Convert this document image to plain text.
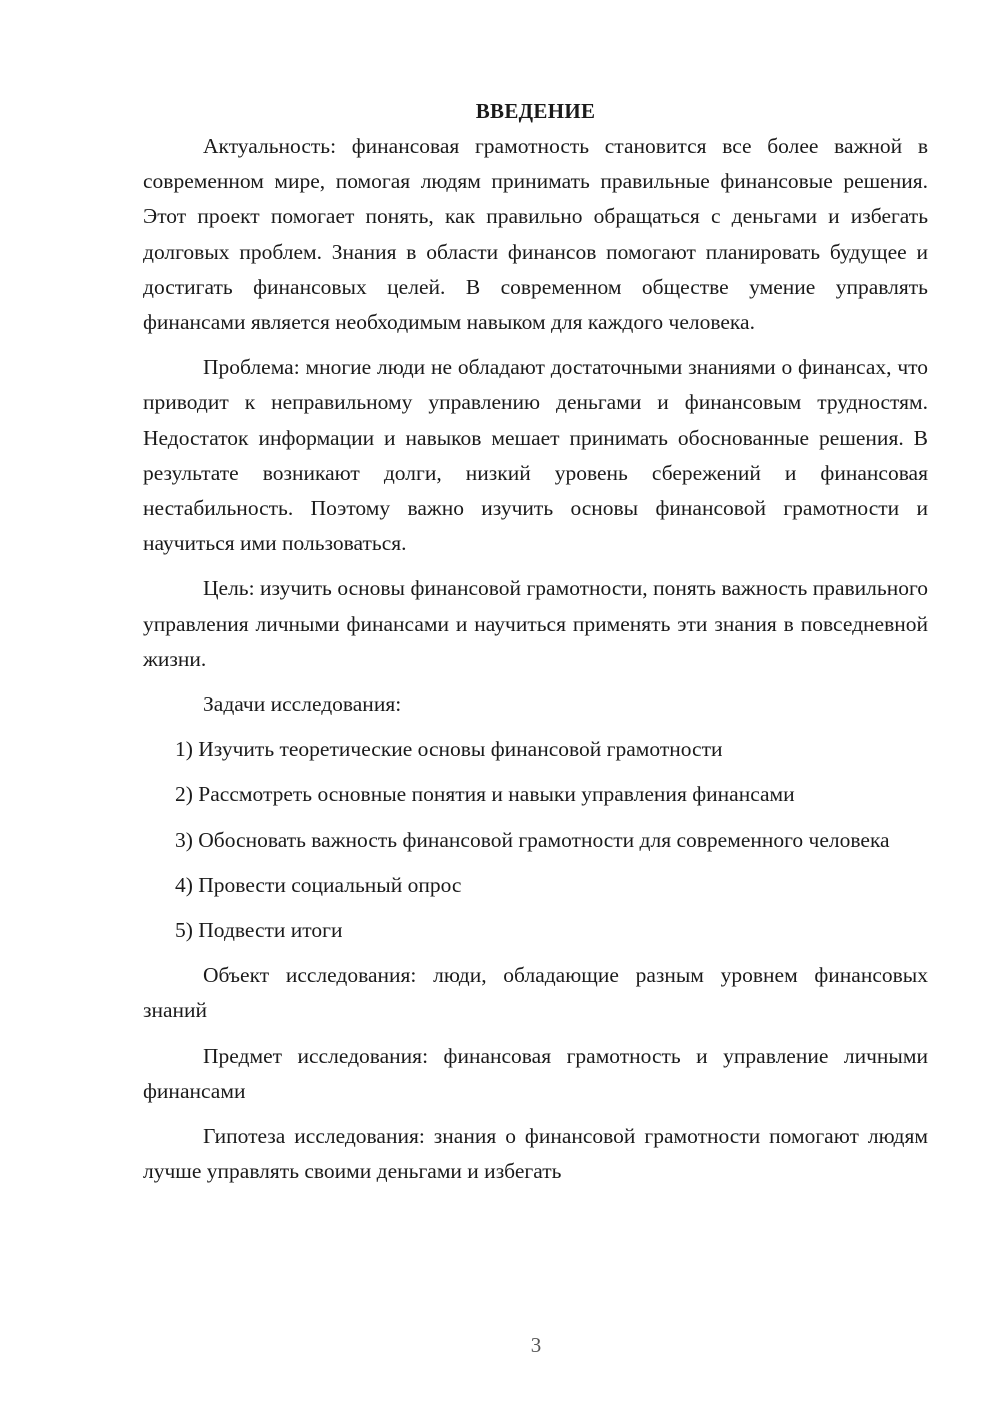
ВВЕДЕНИЕ

Актуальность: финансовая грамотность становится все более важной в современном мире, помогая людям принимать правильные финансовые решения. Этот проект помогает понять, как правильно обращаться с деньгами и избегать долговых проблем. Знания в области финансов помогают планировать будущее и достигать финансовых целей. В современном обществе умение управлять финансами является необходимым навыком для каждого человека.

Проблема: многие люди не обладают достаточными знаниями о финансах, что приводит к неправильному управлению деньгами и финансовым трудностям. Недостаток информации и навыков мешает принимать обоснованные решения. В результате возникают долги, низкий уровень сбережений и финансовая нестабильность. Поэтому важно изучить основы финансовой грамотности и научиться ими пользоваться.

Цель: изучить основы финансовой грамотности, понять важность правильного управления личными финансами и научиться применять эти знания в повседневной жизни.

Задачи исследования:

1) Изучить теоретические основы финансовой грамотности

2) Рассмотреть основные понятия и навыки управления финансами

3) Обосновать важность финансовой грамотности для современного человека

4) Провести социальный опрос

5) Подвести итоги

Объект исследования: люди, обладающие разным уровнем финансовых знаний

Предмет исследования: финансовая грамотность и управление личными финансами

Гипотеза исследования: знания о финансовой грамотности помогают людям лучше управлять своими деньгами и избегать

3
